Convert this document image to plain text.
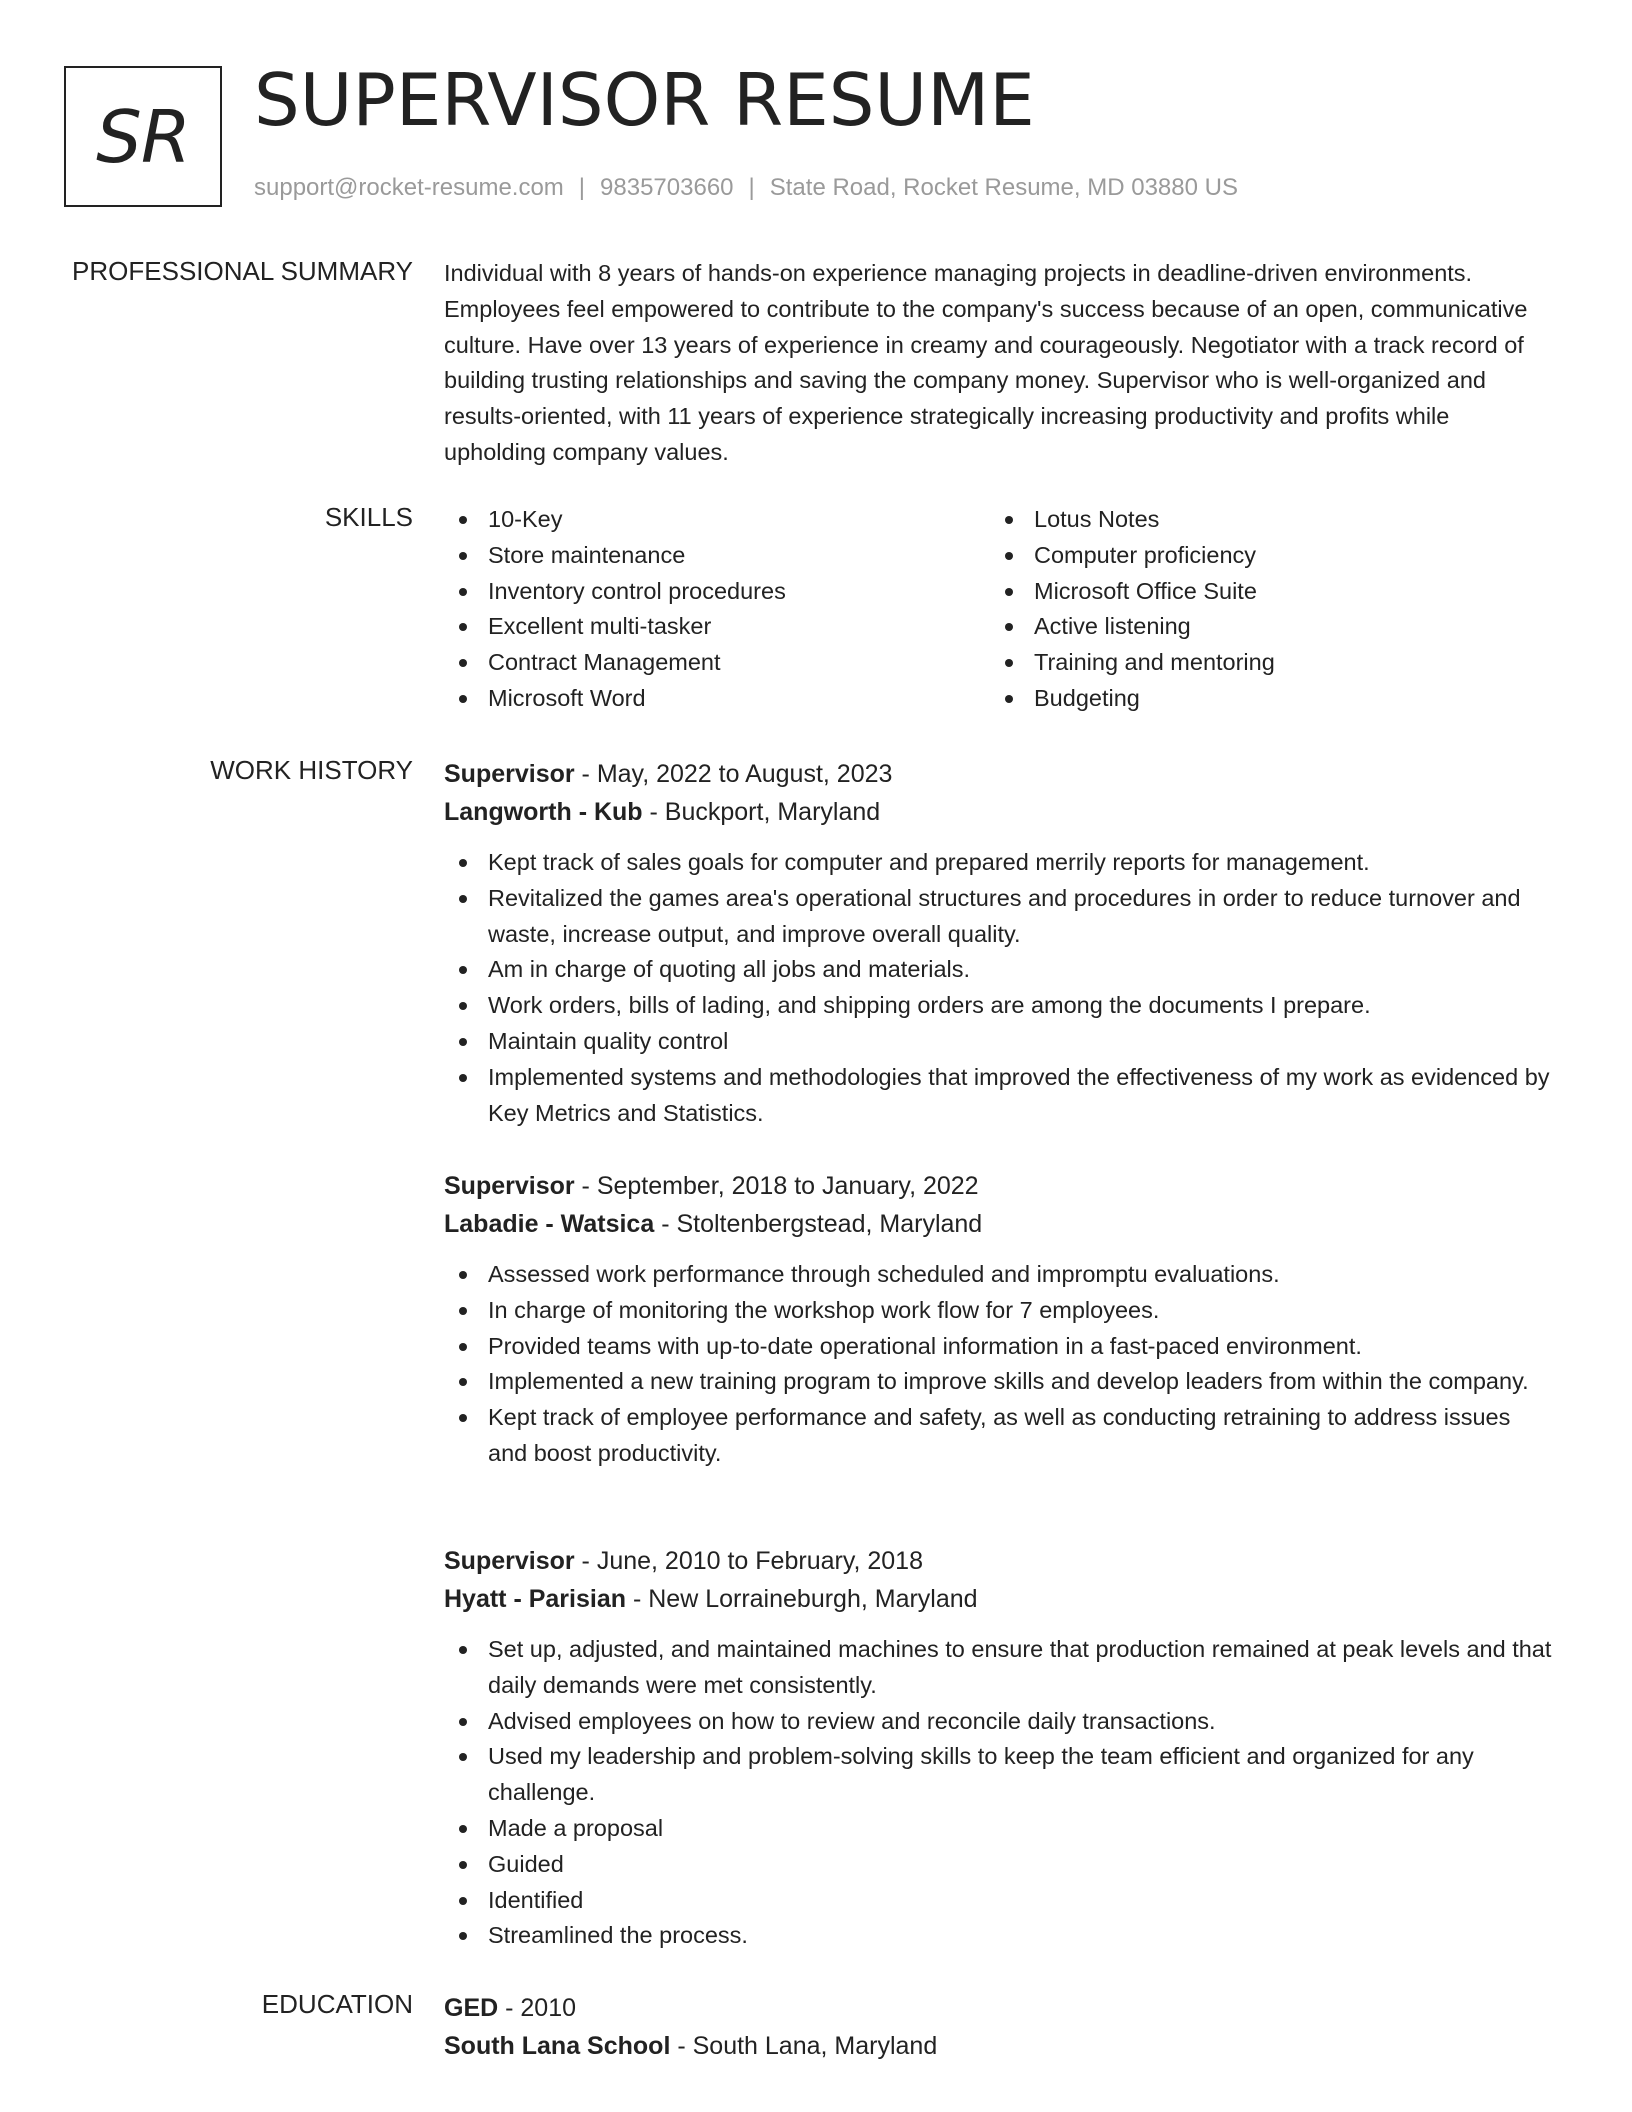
SR SUPERVISOR RESUME
support@rocket-resume.com | 9835703660 | State Road, Rocket Resume, MD 03880 US
PROFESSIONAL SUMMARY Individual with 8 years of hands-on experience managing projects in deadline-driven environments. Employees feel empowered to contribute to the company's success because of an open, communicative culture. Have over 13 years of experience in creamy and courageously. Negotiator with a track record of building trusting relationships and saving the company money. Supervisor who is well-organized and results-oriented, with 11 years of experience strategically increasing productivity and profits while upholding company values.
SKILLS	10-Key
Store maintenance
Inventory control procedures
Excellent multi-tasker
Contract Management
Microsoft Word
Lotus Notes
Computer proficiency
Microsoft Office Suite
Active listening
Training and mentoring
Budgeting
WORK HISTORY Supervisor - May, 2022 to August, 2023
Langworth - Kub - Buckport, Maryland
Kept track of sales goals for computer and prepared merrily reports for management.
Revitalized the games area's operational structures and procedures in order to reduce turnover and waste, increase output, and improve overall quality.
Am in charge of quoting all jobs and materials.
Work orders, bills of lading, and shipping orders are among the documents I prepare.
Maintain quality control
Implemented systems and methodologies that improved the effectiveness of my work as evidenced by Key Metrics and Statistics.
Supervisor - September, 2018 to January, 2022
Labadie - Watsica - Stoltenbergstead, Maryland
Assessed work performance through scheduled and impromptu evaluations.
In charge of monitoring the workshop work flow for 7 employees.
Provided teams with up-to-date operational information in a fast-paced environment.
Implemented a new training program to improve skills and develop leaders from within the company.
Kept track of employee performance and safety, as well as conducting retraining to address issues and boost productivity.
Supervisor - June, 2010 to February, 2018
Hyatt - Parisian - New Lorraineburgh, Maryland
Set up, adjusted, and maintained machines to ensure that production remained at peak levels and that daily demands were met consistently.
Advised employees on how to review and reconcile daily transactions.
Used my leadership and problem-solving skills to keep the team efficient and organized for any challenge.
Made a proposal
Guided
Identified
Streamlined the process.
EDUCATION GED - 2010
South Lana School - South Lana, Maryland
